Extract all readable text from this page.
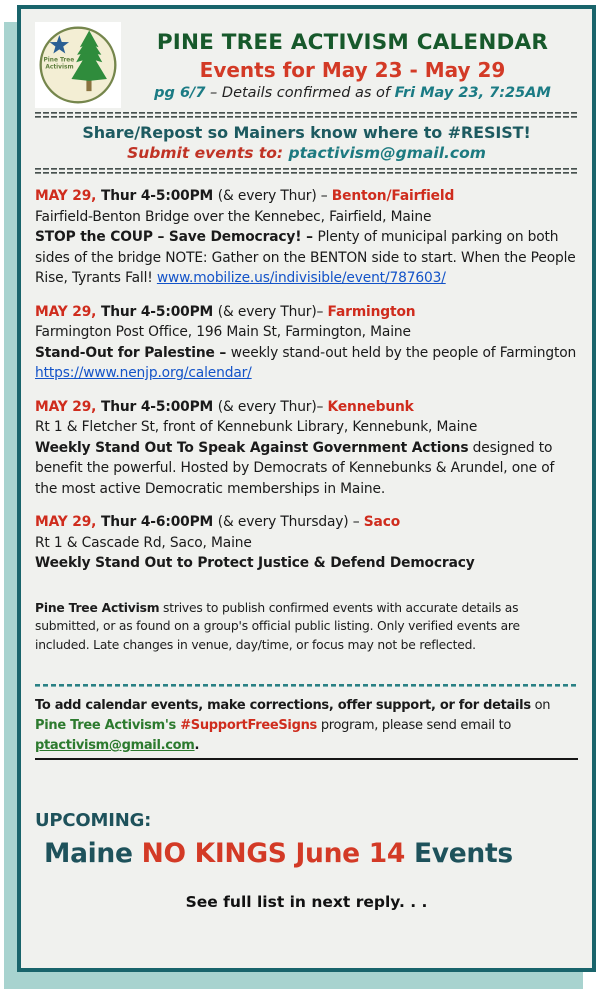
Pine Tree
Activism
PINE TREE ACTIVISM CALENDAR
Events for May 23 - May 29
pg 6/7 – Details confirmed as of Fri May 23, 7:25AM
Share/Repost so Mainers know where to #RESIST!
Submit events to: ptactivism@gmail.com

MAY 29, Thur 4-5:00PM (& every Thur) – Benton/Fairfield

Fairfield-Benton Bridge over the Kennebec, Fairfield, Maine

STOP the COUP – Save Democracy! – Plenty of municipal parking on both sides of the bridge NOTE: Gather on the BENTON side to start. When the People Rise, Tyrants Fall! www.mobilize.us/indivisible/event/787603/

MAY 29, Thur 4-5:00PM (& every Thur)– Farmington

Farmington Post Office, 196 Main St, Farmington, Maine

Stand-Out for Palestine – weekly stand-out held by the people of Farmington https://www.nenjp.org/calendar/

MAY 29, Thur 4-5:00PM (& every Thur)– Kennebunk

Rt 1 & Fletcher St, front of Kennebunk Library, Kennebunk, Maine

Weekly Stand Out To Speak Against Government Actions designed to benefit the powerful. Hosted by Democrats of Kennebunks & Arundel, one of the most active Democratic memberships in Maine.

MAY 29, Thur 4-6:00PM (& every Thursday) – Saco

Rt 1 & Cascade Rd, Saco, Maine

Weekly Stand Out to Protect Justice & Defend Democracy

Pine Tree Activism strives to publish confirmed events with accurate details as submitted, or as found on a group's official public listing. Only verified events are included. Late changes in venue, day/time, or focus may not be reflected.

To add calendar events, make corrections, offer support, or for details on Pine Tree Activism's #SupportFreeSigns program, please send email to ptactivism@gmail.com.

UPCOMING:
Maine NO KINGS June 14 Events
See full list in next reply. . .
